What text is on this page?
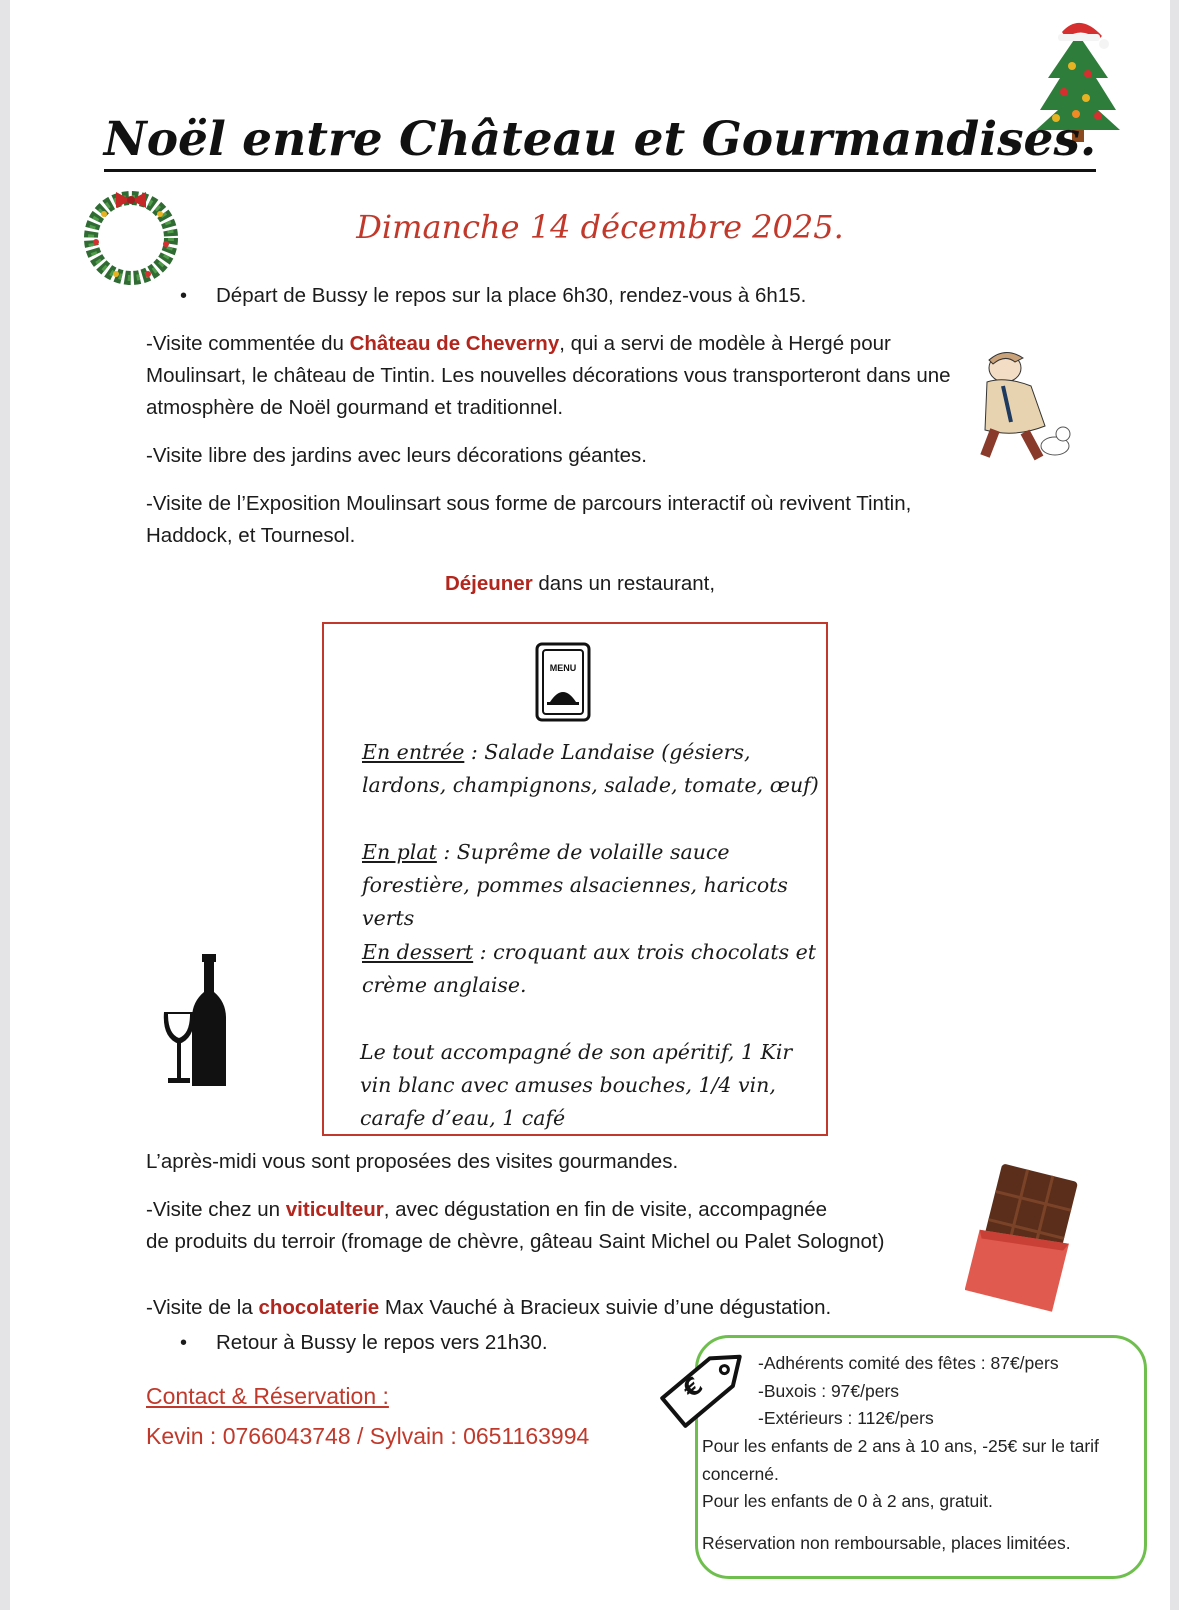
Noël entre Château et Gourmandises.
Dimanche 14 décembre 2025.
• Départ de Bussy le repos sur la place 6h30, rendez-vous à 6h15.
-Visite commentée du Château de Cheverny, qui a servi de modèle à Hergé pour Moulinsart, le château de Tintin. Les nouvelles décorations vous transporteront dans une atmosphère de Noël gourmand et traditionnel.
-Visite libre des jardins avec leurs décorations géantes.
-Visite de l’Exposition Moulinsart sous forme de parcours interactif où revivent Tintin, Haddock, et Tournesol.
Déjeuner dans un restaurant,
MENU
En entrée : Salade Landaise (gésiers, lardons, champignons, salade, tomate, œuf)
En plat : Suprême de volaille sauce forestière, pommes alsaciennes, haricots verts
En dessert : croquant aux trois chocolats et crème anglaise.
Le tout accompagné de son apéritif, 1 Kir vin blanc avec amuses bouches, 1/4 vin, carafe d’eau, 1 café
L’après-midi vous sont proposées des visites gourmandes.
-Visite chez un viticulteur, avec dégustation en fin de visite, accompagnée
de produits du terroir (fromage de chèvre, gâteau Saint Michel ou Palet Solognot)
-Visite de la chocolaterie Max Vauché à Bracieux suivie d’une dégustation.
• Retour à Bussy le repos vers 21h30.
Contact & Réservation :
Kevin : 0766043748 / Sylvain : 0651163994
€
-Adhérents comité des fêtes : 87€/pers
-Buxois : 97€/pers
-Extérieurs : 112€/pers
Pour les enfants de 2 ans à 10 ans, -25€ sur le tarif concerné.
Pour les enfants de 0 à 2 ans, gratuit.
Réservation non remboursable, places limitées.
